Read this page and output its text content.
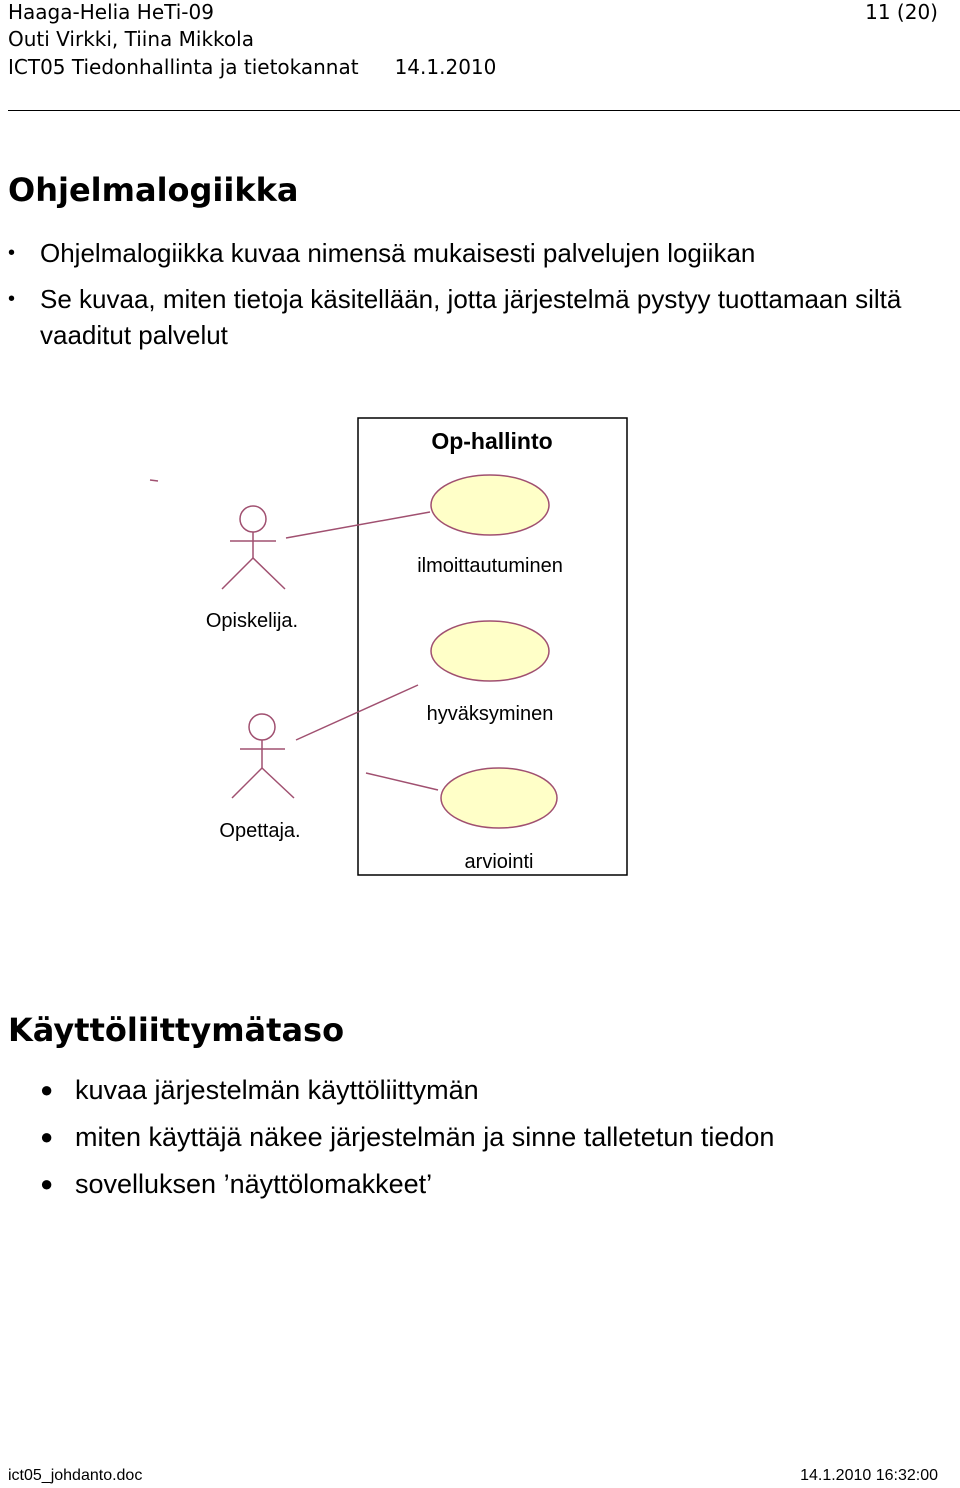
Haaga-Helia HeTi-09
Outi Virkki, Tiina Mikkola
ICT05 Tiedonhallinta ja tietokannat 14.1.2010
11 (20)
Ohjelmalogiikka
• Ohjelmalogiikka kuvaa nimensä mukaisesti palvelujen logiikan
• Se kuvaa, miten tietoja käsitellään, jotta järjestelmä pystyy tuottamaan siltä vaaditut palvelut
Op-hallinto
Opiskelija.
Opettaja.
ilmoittautuminen
hyväksyminen
arviointi
Käyttöliittymätaso
● kuvaa järjestelmän käyttöliittymän
● miten käyttäjä näkee järjestelmän ja sinne talletetun tiedon
● sovelluksen ’näyttölomakkeet’
ict05_johdanto.doc	14.1.2010 16:32:00
